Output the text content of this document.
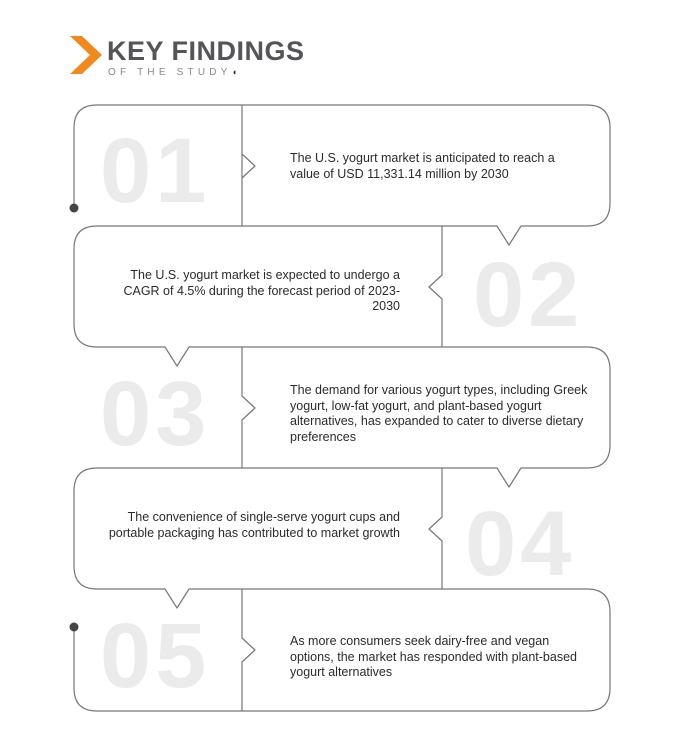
KEY FINDINGS
OF THE STUDY◖
01	The U.S. yogurt market is anticipated to reach a value of USD 11,331.14 million by 2030
02
The U.S. yogurt market is expected to undergo a CAGR of 4.5% during the forecast period of 2023-2030
03	The demand for various yogurt types, including Greek yogurt, low-fat yogurt, and plant-based yogurt alternatives, has expanded to cater to diverse dietary preferences
04
The convenience of single-serve yogurt cups and portable packaging has contributed to market growth
05	As more consumers seek dairy-free and vegan options, the market has responded with plant-based yogurt alternatives
